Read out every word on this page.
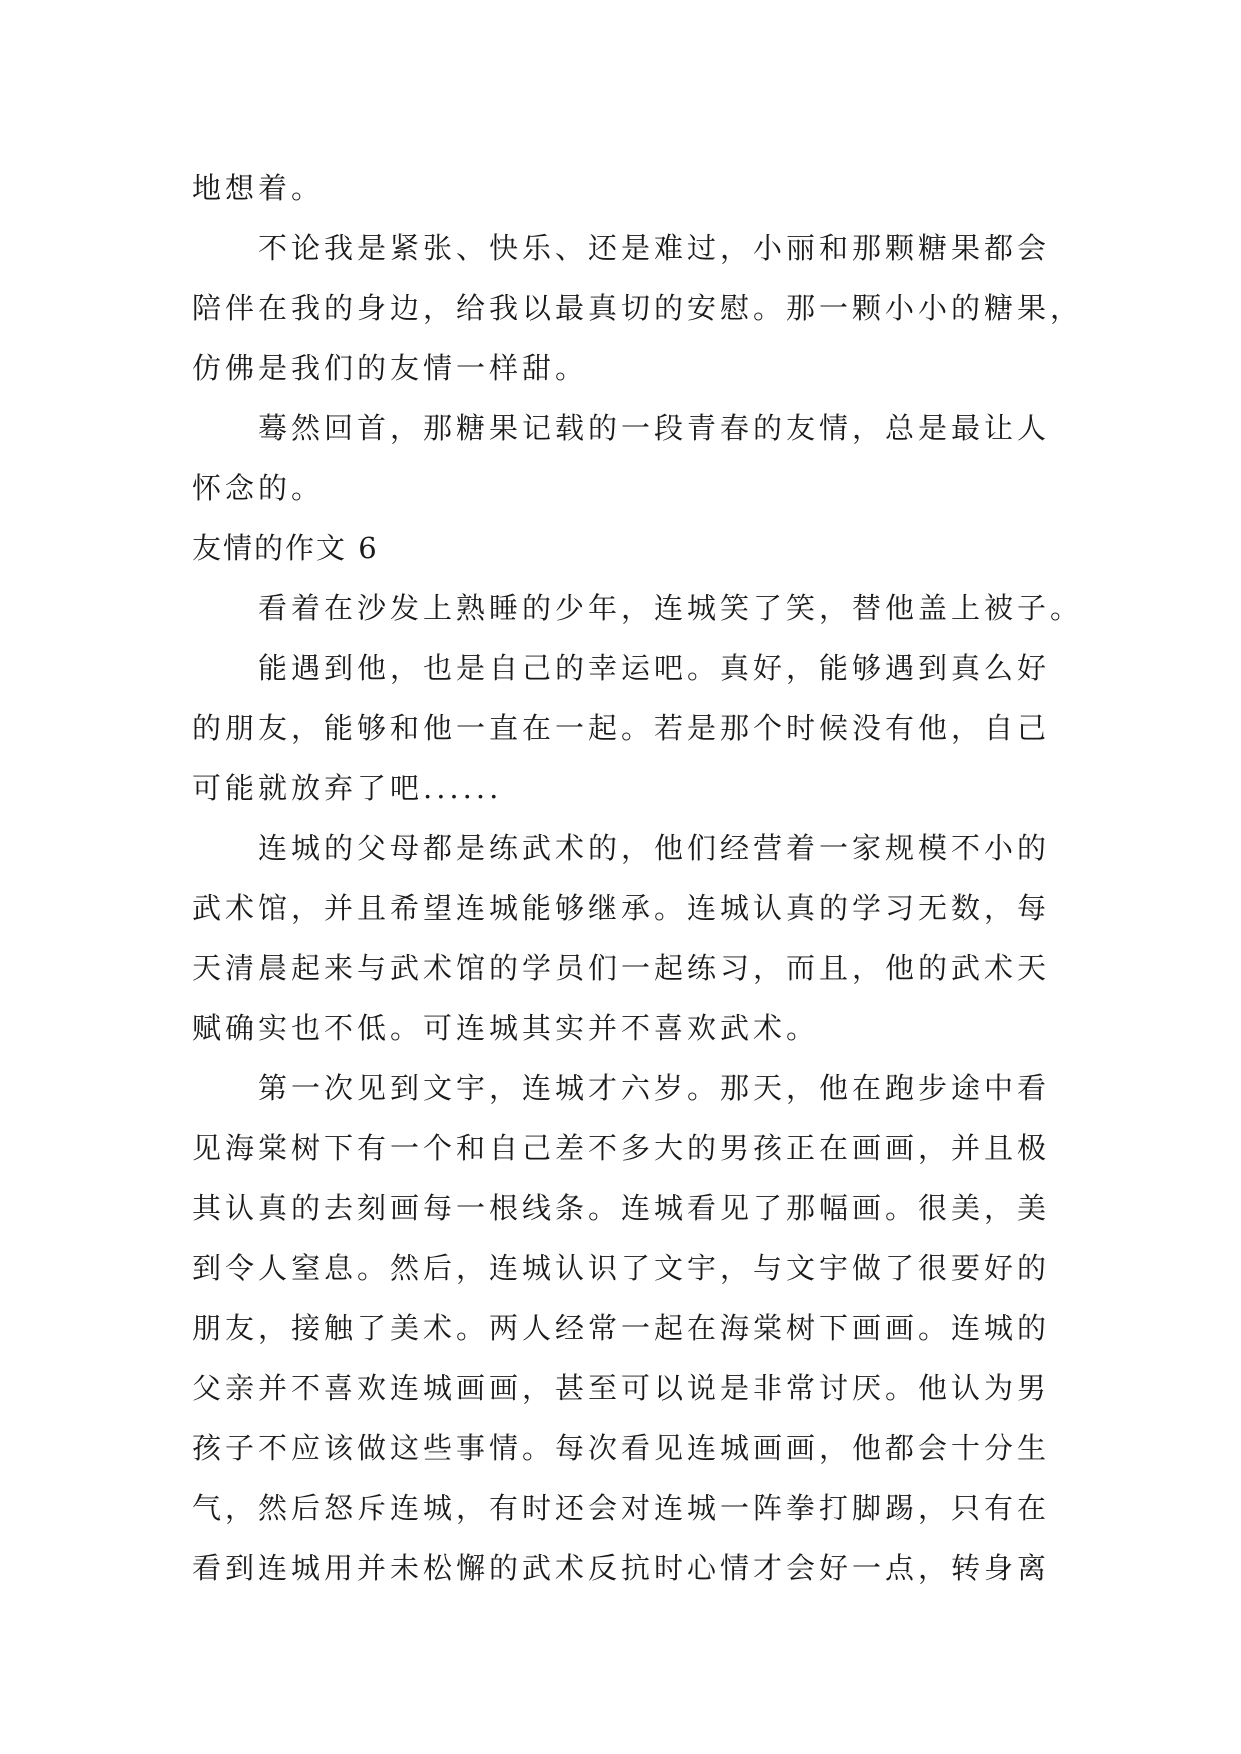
地想着。
不论我是紧张、快乐、还是难过，小丽和那颗糖果都会
陪伴在我的身边，给我以最真切的安慰。那一颗小小的糖果，
仿佛是我们的友情一样甜。
蓦然回首，那糖果记载的一段青春的友情，总是最让人
怀念的。
友情的作文 6
看着在沙发上熟睡的少年，连城笑了笑，替他盖上被子。
能遇到他，也是自己的幸运吧。真好，能够遇到真么好
的朋友，能够和他一直在一起。若是那个时候没有他，自己
可能就放弃了吧......
连城的父母都是练武术的，他们经营着一家规模不小的
武术馆，并且希望连城能够继承。连城认真的学习无数，每
天清晨起来与武术馆的学员们一起练习，而且，他的武术天
赋确实也不低。可连城其实并不喜欢武术。
第一次见到文宇，连城才六岁。那天，他在跑步途中看
见海棠树下有一个和自己差不多大的男孩正在画画，并且极
其认真的去刻画每一根线条。连城看见了那幅画。很美，美
到令人窒息。然后，连城认识了文宇，与文宇做了很要好的
朋友，接触了美术。两人经常一起在海棠树下画画。连城的
父亲并不喜欢连城画画，甚至可以说是非常讨厌。他认为男
孩子不应该做这些事情。每次看见连城画画，他都会十分生
气，然后怒斥连城，有时还会对连城一阵拳打脚踢，只有在
看到连城用并未松懈的武术反抗时心情才会好一点，转身离
